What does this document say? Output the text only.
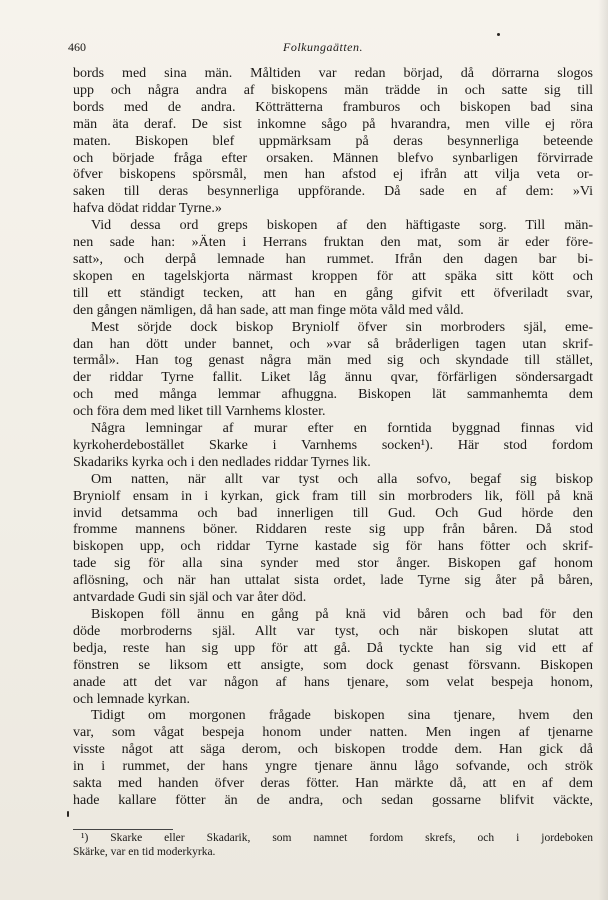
460	Folkungaätten.
bords med sina män. Måltiden var redan börjad, då dörrarna slogos
upp och några andra af biskopens män trädde in och satte sig till
bords med de andra. Kötträtterna framburos och biskopen bad sina
män äta deraf. De sist inkomne sågo på hvarandra, men ville ej röra
maten. Biskopen blef uppmärksam på deras besynnerliga beteende
och började fråga efter orsaken. Männen blefvo synbarligen förvirrade
öfver biskopens spörsmål, men han afstod ej ifrån att vilja veta or-
saken till deras besynnerliga uppförande. Då sade en af dem: »Vi
hafva dödat riddar Tyrne.»
Vid dessa ord greps biskopen af den häftigaste sorg. Till män-
nen sade han: »Äten i Herrans fruktan den mat, som är eder före-
satt», och derpå lemnade han rummet. Ifrån den dagen bar bi-
skopen en tagelskjorta närmast kroppen för att späka sitt kött och
till ett ständigt tecken, att han en gång gifvit ett öfveriladt svar,
den gången nämligen, då han sade, att man finge möta våld med våld.
Mest sörjde dock biskop Bryniolf öfver sin morbroders själ, eme-
dan han dött under bannet, och »var så bråderligen tagen utan skrif-
termål». Han tog genast några män med sig och skyndade till stället,
der riddar Tyrne fallit. Liket låg ännu qvar, förfärligen söndersargadt
och med många lemmar afhuggna. Biskopen lät sammanhemta dem
och föra dem med liket till Varnhems kloster.
Några lemningar af murar efter en forntida byggnad finnas vid
kyrkoherdebostället Skarke i Varnhems socken¹). Här stod fordom
Skadariks kyrka och i den nedlades riddar Tyrnes lik.
Om natten, när allt var tyst och alla sofvo, begaf sig biskop
Bryniolf ensam in i kyrkan, gick fram till sin morbroders lik, föll på knä
invid detsamma och bad innerligen till Gud. Och Gud hörde den
fromme mannens böner. Riddaren reste sig upp från båren. Då stod
biskopen upp, och riddar Tyrne kastade sig för hans fötter och skrif-
tade sig för alla sina synder med stor ånger. Biskopen gaf honom
aflösning, och när han uttalat sista ordet, lade Tyrne sig åter på båren,
antvardade Gudi sin själ och var åter död.
Biskopen föll ännu en gång på knä vid båren och bad för den
döde morbroderns själ. Allt var tyst, och när biskopen slutat att
bedja, reste han sig upp för att gå. Då tyckte han sig vid ett af
fönstren se liksom ett ansigte, som dock genast försvann. Biskopen
anade att det var någon af hans tjenare, som velat bespeja honom,
och lemnade kyrkan.
Tidigt om morgonen frågade biskopen sina tjenare, hvem den
var, som vågat bespeja honom under natten. Men ingen af tjenarne
visste något att säga derom, och biskopen trodde dem. Han gick då
in i rummet, der hans yngre tjenare ännu lågo sofvande, och strök
sakta med handen öfver deras fötter. Han märkte då, att en af dem
hade kallare fötter än de andra, och sedan gossarne blifvit väckte,
¹) Skarke eller Skadarik, som namnet fordom skrefs, och i jordeboken
Skärke, var en tid moderkyrka.
